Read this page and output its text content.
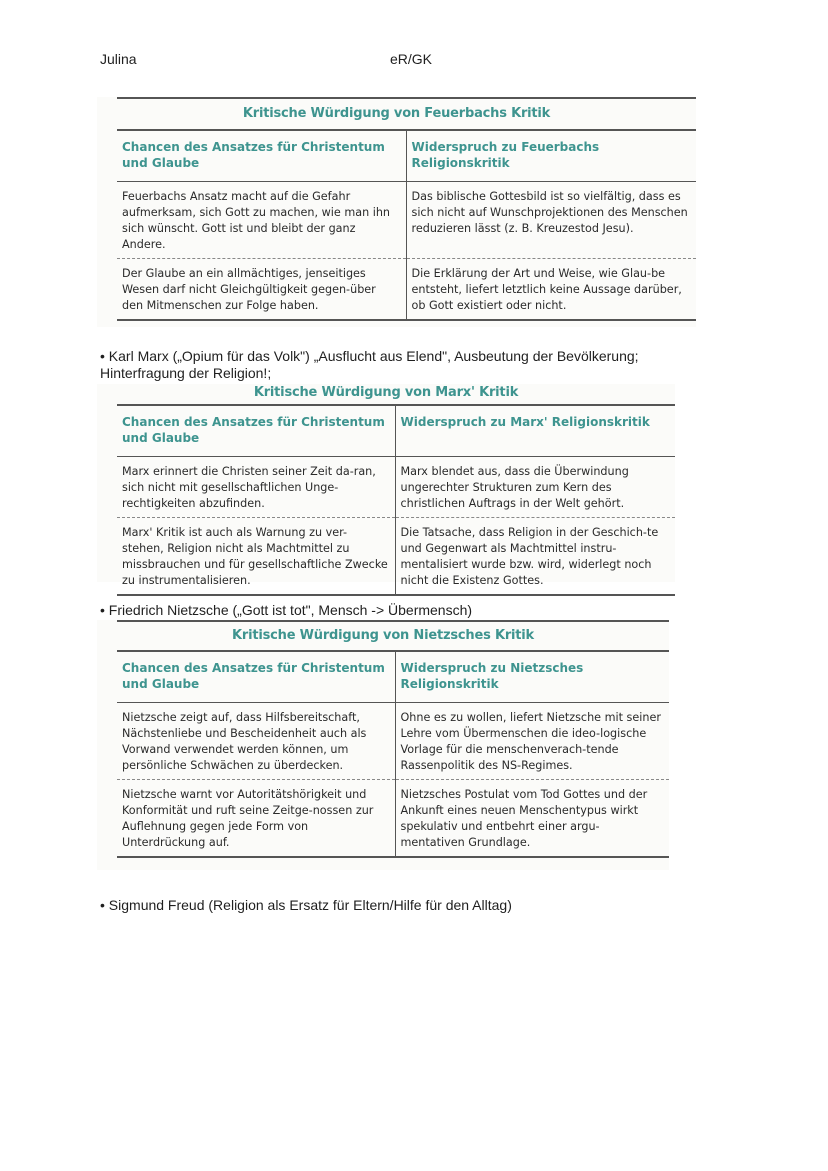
Julina	eR/GK
Kritische Würdigung von Feuerbachs Kritik
Chancen des Ansatzes für Christentum und Glaube	Widerspruch zu Feuerbachs Religionskritik
Feuerbachs Ansatz macht auf die Gefahr aufmerksam, sich Gott zu machen, wie man ihn sich wünscht. Gott ist und bleibt der ganz Andere.	Das biblische Gottesbild ist so vielfältig, dass es sich nicht auf Wunschprojektionen des Menschen reduzieren lässt (z. B. Kreuzestod Jesu).
Der Glaube an ein allmächtiges, jenseitiges Wesen darf nicht Gleichgültigkeit gegen-über den Mitmenschen zur Folge haben.	Die Erklärung der Art und Weise, wie Glau-be entsteht, liefert letztlich keine Aussage darüber, ob Gott existiert oder nicht.
• Karl Marx („Opium für das Volk") „Ausflucht aus Elend", Ausbeutung der Bevölkerung; Hinterfragung der Religion!;
Kritische Würdigung von Marx' Kritik
Chancen des Ansatzes für Christentum und Glaube	Widerspruch zu Marx' Religionskritik
Marx erinnert die Christen seiner Zeit da-ran, sich nicht mit gesellschaftlichen Unge-rechtigkeiten abzufinden.	Marx blendet aus, dass die Überwindung ungerechter Strukturen zum Kern des christlichen Auftrags in der Welt gehört.
Marx' Kritik ist auch als Warnung zu ver-stehen, Religion nicht als Machtmittel zu missbrauchen und für gesellschaftliche Zwecke zu instrumentalisieren.	Die Tatsache, dass Religion in der Geschich-te und Gegenwart als Machtmittel instru-mentalisiert wurde bzw. wird, widerlegt noch nicht die Existenz Gottes.
• Friedrich Nietzsche („Gott ist tot", Mensch -> Übermensch)
Kritische Würdigung von Nietzsches Kritik
Chancen des Ansatzes für Christentum und Glaube	Widerspruch zu Nietzsches Religionskritik
Nietzsche zeigt auf, dass Hilfsbereitschaft, Nächstenliebe und Bescheidenheit auch als Vorwand verwendet werden können, um persönliche Schwächen zu überdecken.	Ohne es zu wollen, liefert Nietzsche mit seiner Lehre vom Übermenschen die ideo-logische Vorlage für die menschenverach-tende Rassenpolitik des NS-Regimes.
Nietzsche warnt vor Autoritätshörigkeit und Konformität und ruft seine Zeitge-nossen zur Auflehnung gegen jede Form von Unterdrückung auf.	Nietzsches Postulat vom Tod Gottes und der Ankunft eines neuen Menschentypus wirkt spekulativ und entbehrt einer argu-mentativen Grundlage.
• Sigmund Freud (Religion als Ersatz für Eltern/Hilfe für den Alltag)
